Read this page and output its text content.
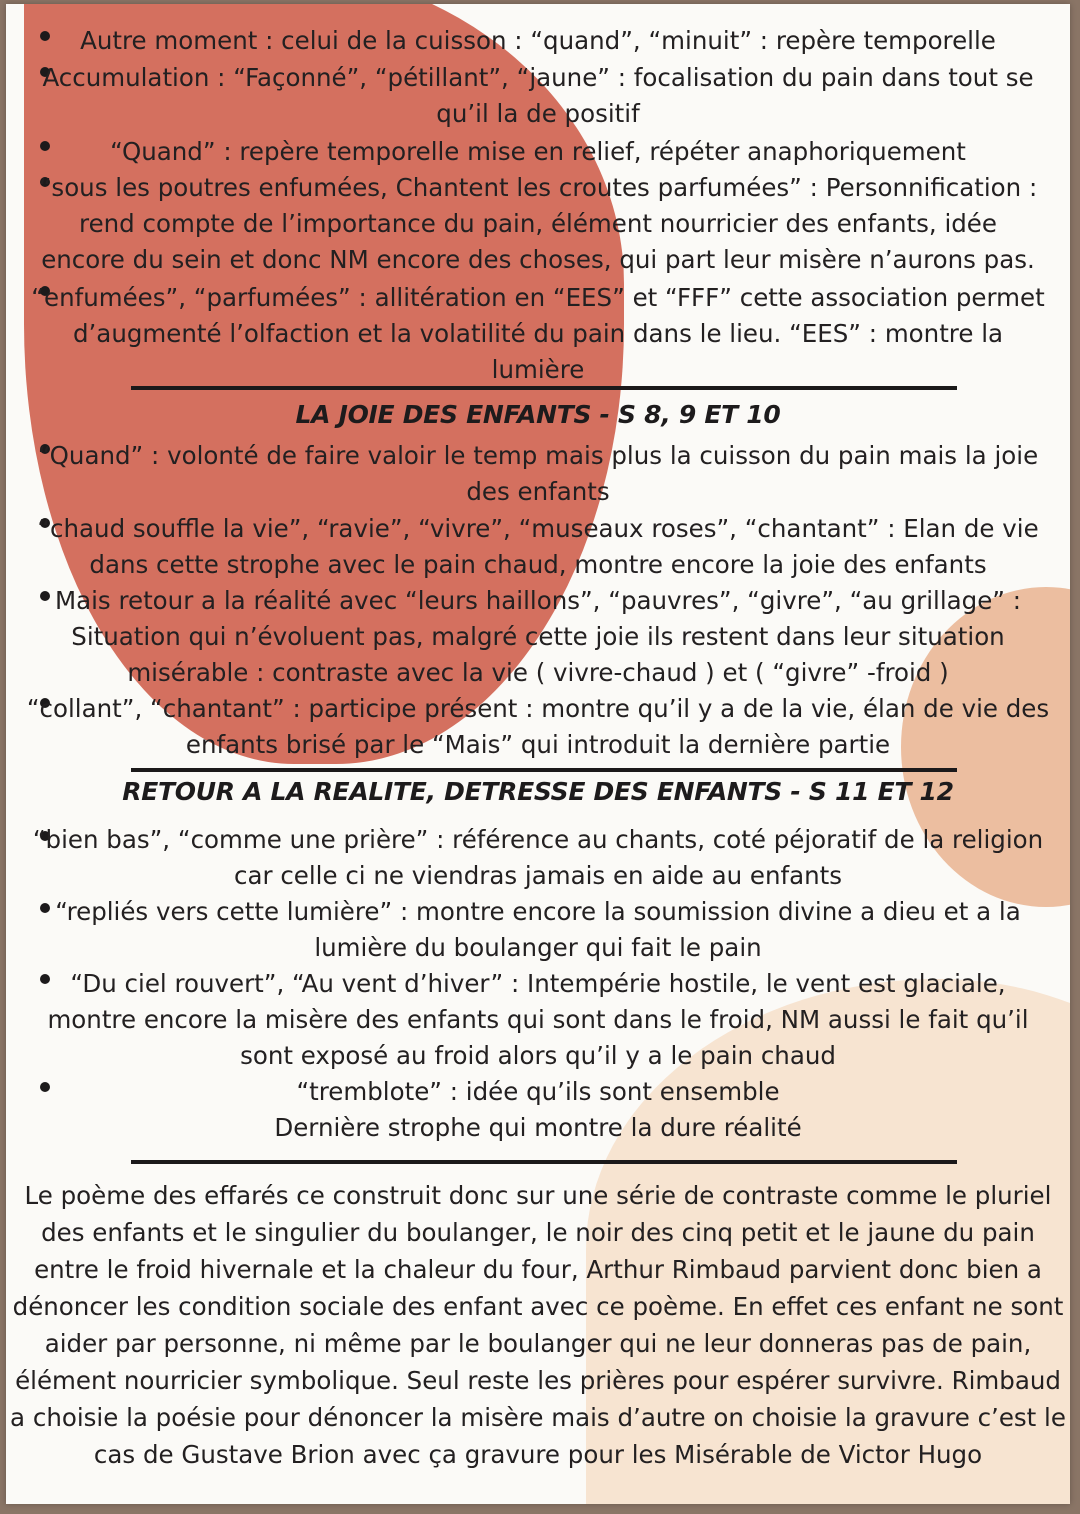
Autre moment : celui de la cuisson : “quand”, “minuit” : repère temporelle
Accumulation : “Façonné”, “pétillant”, “jaune” : focalisation du pain dans tout se
qu’il la de positif
“Quand” : repère temporelle mise en relief, répéter anaphoriquement
“sous les poutres enfumées, Chantent les croutes parfumées” : Personnification :
rend compte de l’importance du pain, élément nourricier des enfants, idée
encore du sein et donc NM encore des choses, qui part leur misère n’aurons pas.
“enfumées”, “parfumées” : allitération en “EES” et “FFF” cette association permet
d’augmenté l’olfaction et la volatilité du pain dans le lieu. “EES” : montre la
lumière
LA JOIE DES ENFANTS - S 8, 9 ET 10
“Quand” : volonté de faire valoir le temp mais plus la cuisson du pain mais la joie
des enfants
“chaud souffle la vie”, “ravie”, “vivre”, “museaux roses”, “chantant” : Elan de vie
dans cette strophe avec le pain chaud, montre encore la joie des enfants
Mais retour a la réalité avec “leurs haillons”, “pauvres”, “givre”, “au grillage” :
Situation qui n’évoluent pas, malgré cette joie ils restent dans leur situation
misérable : contraste avec la vie ( vivre-chaud ) et ( “givre” -froid )
“collant”, “chantant” : participe présent : montre qu’il y a de la vie, élan de vie des
enfants brisé par le “Mais” qui introduit la dernière partie
RETOUR A LA REALITE, DETRESSE DES ENFANTS - S 11 ET 12
“bien bas”, “comme une prière” : référence au chants, coté péjoratif de la religion
car celle ci ne viendras jamais en aide au enfants
“repliés vers cette lumière” : montre encore la soumission divine a dieu et a la
lumière du boulanger qui fait le pain
“Du ciel rouvert”, “Au vent d’hiver” : Intempérie hostile, le vent est glaciale,
montre encore la misère des enfants qui sont dans le froid, NM aussi le fait qu’il
sont exposé au froid alors qu’il y a le pain chaud
“tremblote” : idée qu’ils sont ensemble
Dernière strophe qui montre la dure réalité
Le poème des effarés ce construit donc sur une série de contraste comme le pluriel
des enfants et le singulier du boulanger, le noir des cinq petit et le jaune du pain
entre le froid hivernale et la chaleur du four, Arthur Rimbaud parvient donc bien a
dénoncer les condition sociale des enfant avec ce poème. En effet ces enfant ne sont
aider par personne, ni même par le boulanger qui ne leur donneras pas de pain,
élément nourricier symbolique. Seul reste les prières pour espérer survivre. Rimbaud
a choisie la poésie pour dénoncer la misère mais d’autre on choisie la gravure c’est le
cas de Gustave Brion avec ça gravure pour les Misérable de Victor Hugo
